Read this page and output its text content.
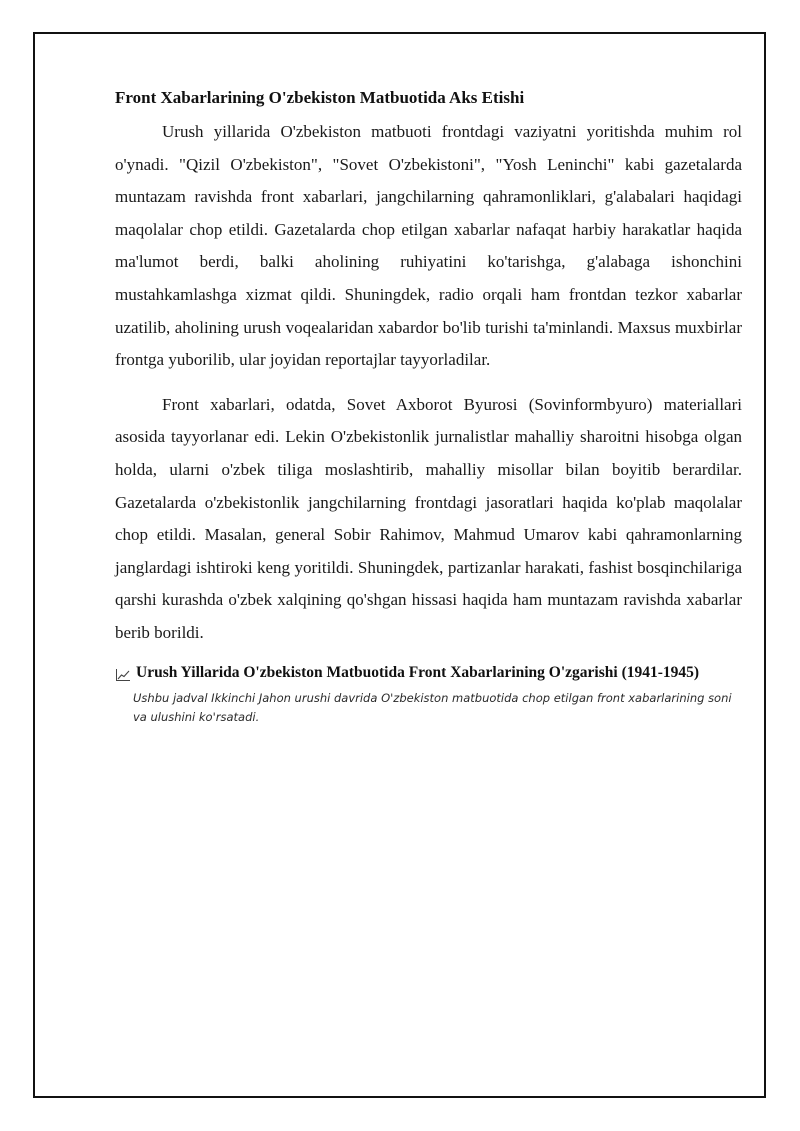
Front Xabarlarining O'zbekiston Matbuotida Aks Etishi

Urush yillarida O'zbekiston matbuoti frontdagi vaziyatni yoritishda muhim rol o'ynadi. "Qizil O'zbekiston", "Sovet O'zbekistoni", "Yosh Leninchi" kabi gazetalarda muntazam ravishda front xabarlari, jangchilarning qahramonliklari, g'alabalari haqidagi maqolalar chop etildi. Gazetalarda chop etilgan xabarlar nafaqat harbiy harakatlar haqida ma'lumot berdi, balki aholining ruhiyatini ko'tarishga, g'alabaga ishonchini mustahkamlashga xizmat qildi. Shuningdek, radio orqali ham frontdan tezkor xabarlar uzatilib, aholining urush voqealaridan xabardor bo'lib turishi ta'minlandi. Maxsus muxbirlar frontga yuborilib, ular joyidan reportajlar tayyorladilar.

Front xabarlari, odatda, Sovet Axborot Byurosi (Sovinformbyuro) materiallari asosida tayyorlanar edi. Lekin O'zbekistonlik jurnalistlar mahalliy sharoitni hisobga olgan holda, ularni o'zbek tiliga moslashtirib, mahalliy misollar bilan boyitib berardilar. Gazetalarda o'zbekistonlik jangchilarning frontdagi jasoratlari haqida ko'plab maqolalar chop etildi. Masalan, general Sobir Rahimov, Mahmud Umarov kabi qahramonlarning janglardagi ishtiroki keng yoritildi. Shuningdek, partizanlar harakati, fashist bosqinchilariga qarshi kurashda o'zbek xalqining qo'shgan hissasi haqida ham muntazam ravishda xabarlar berib borildi.

Urush Yillarida O'zbekiston Matbuotida Front Xabarlarining O'zgarishi (1941-1945)
Ushbu jadval Ikkinchi Jahon urushi davrida O'zbekiston matbuotida chop etilgan front xabarlarining soni va ulushini ko'rsatadi.
